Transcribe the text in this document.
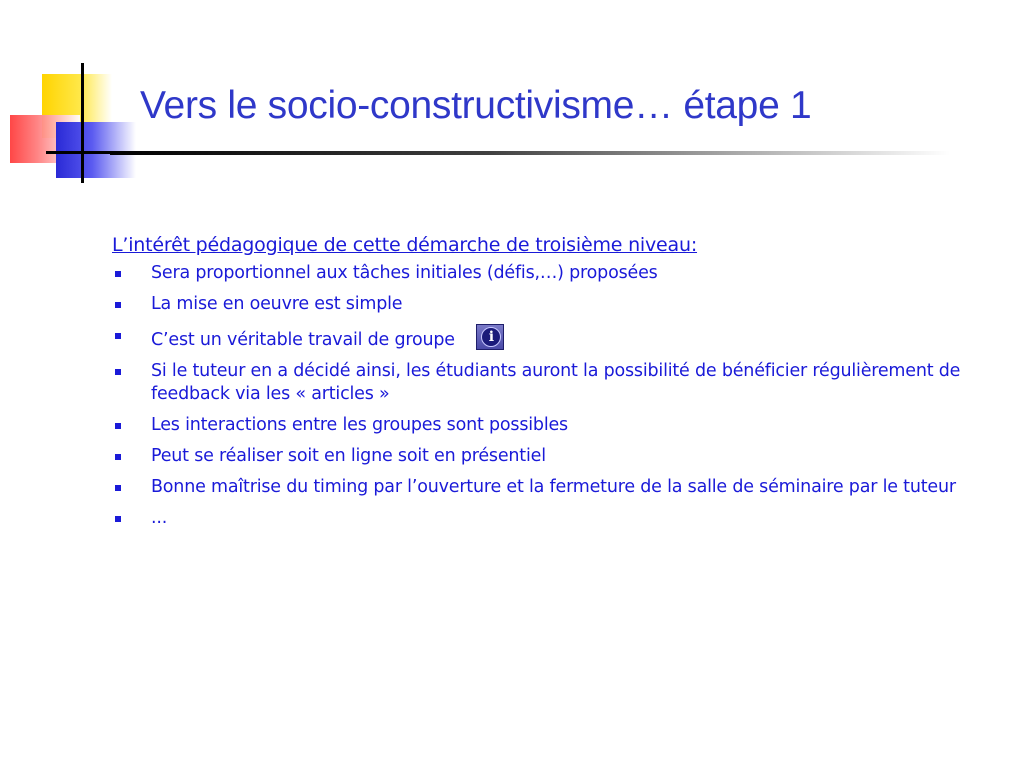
Vers le socio-constructivisme… étape 1

L’intérêt pédagogique de cette démarche de troisième niveau:

Sera proportionnel aux tâches initiales (défis,…) proposées
La mise en oeuvre est simple
C’est un véritable travail de groupe	i
Si le tuteur en a décidé ainsi, les étudiants auront la possibilité de bénéficier régulièrement de feedback via les « articles »
Les interactions entre les groupes sont possibles
Peut se réaliser soit en ligne soit en présentiel
Bonne maîtrise du timing par l’ouverture et la fermeture de la salle de séminaire par le tuteur
...
